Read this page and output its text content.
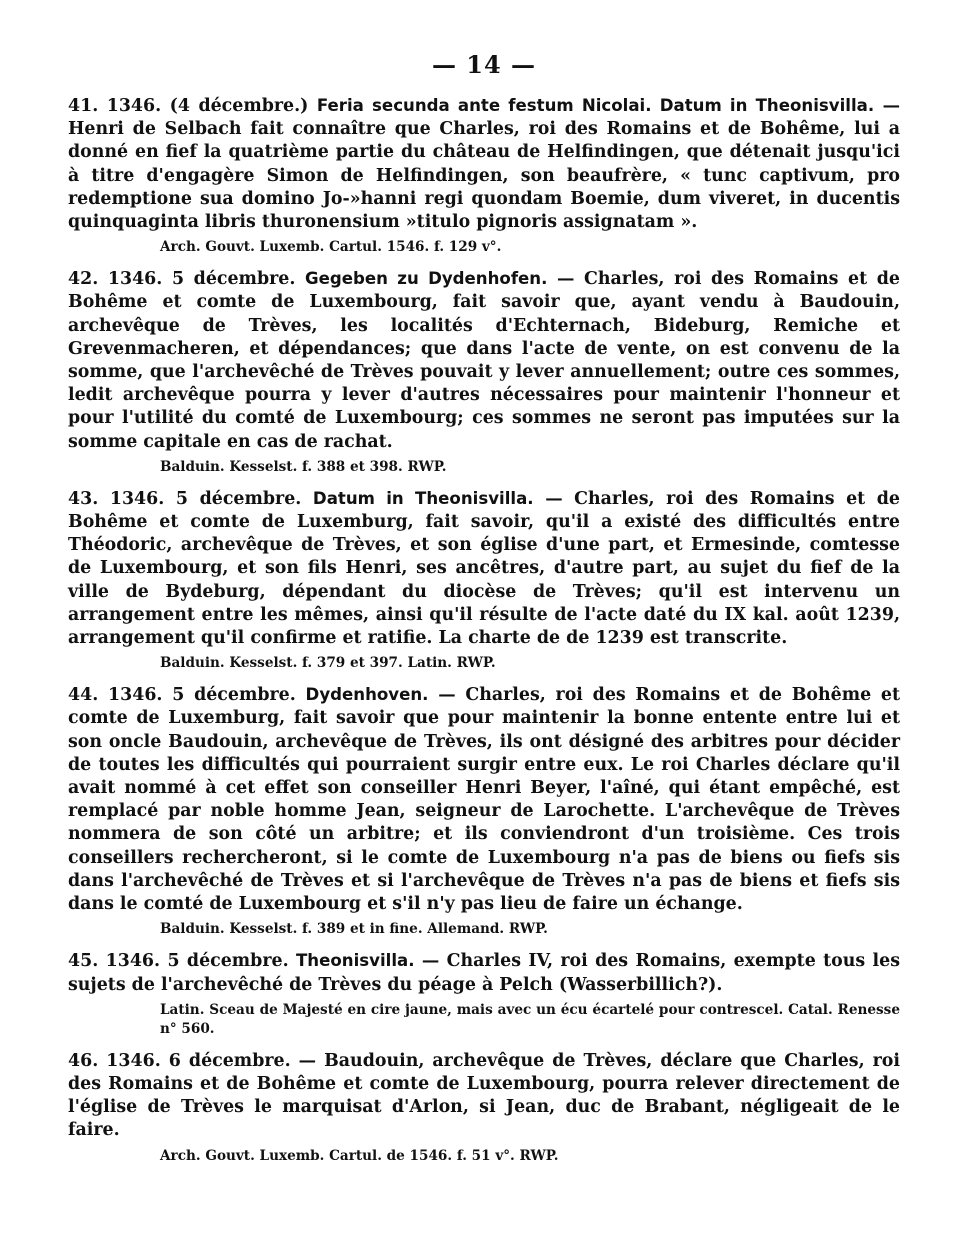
— 14 —

41. 1346. (4 décembre.) Feria secunda ante festum Nicolai. Datum in Theonisvilla. — Henri de Selbach fait connaître que Charles, roi des Romains et de Bohême, lui a donné en fief la quatrième partie du château de Helfindingen, que détenait jusqu'ici à titre d'engagère Simon de Helfindingen, son beaufrère, « tunc captivum, pro redemptione sua domino Jo-»hanni regi quondam Boemie, dum viveret, in ducentis quinquaginta libris thuronensium »titulo pignoris assignatam ».

Arch. Gouvt. Luxemb. Cartul. 1546. f. 129 v°.

42. 1346. 5 décembre. Gegeben zu Dydenhofen. — Charles, roi des Romains et de Bohême et comte de Luxembourg, fait savoir que, ayant vendu à Baudouin, archevêque de Trèves, les localités d'Echternach, Bideburg, Remiche et Grevenmacheren, et dépendances; que dans l'acte de vente, on est convenu de la somme, que l'archevêché de Trèves pouvait y lever annuellement; outre ces sommes, ledit archevêque pourra y lever d'autres nécessaires pour maintenir l'honneur et pour l'utilité du comté de Luxembourg; ces sommes ne seront pas imputées sur la somme capitale en cas de rachat.

Balduin. Kesselst. f. 388 et 398. RWP.

43. 1346. 5 décembre. Datum in Theonisvilla. — Charles, roi des Romains et de Bohême et comte de Luxemburg, fait savoir, qu'il a existé des difficultés entre Théodoric, archevêque de Trèves, et son église d'une part, et Ermesinde, comtesse de Luxembourg, et son fils Henri, ses ancêtres, d'autre part, au sujet du fief de la ville de Bydeburg, dépendant du diocèse de Trèves; qu'il est intervenu un arrangement entre les mêmes, ainsi qu'il résulte de l'acte daté du IX kal. août 1239, arrangement qu'il confirme et ratifie. La charte de de 1239 est transcrite.

Balduin. Kesselst. f. 379 et 397. Latin. RWP.

44. 1346. 5 décembre. Dydenhoven. — Charles, roi des Romains et de Bohême et comte de Luxemburg, fait savoir que pour maintenir la bonne entente entre lui et son oncle Baudouin, archevêque de Trèves, ils ont désigné des arbitres pour décider de toutes les difficultés qui pourraient surgir entre eux. Le roi Charles déclare qu'il avait nommé à cet effet son conseiller Henri Beyer, l'aîné, qui étant empêché, est remplacé par noble homme Jean, seigneur de Larochette. L'archevêque de Trèves nommera de son côté un arbitre; et ils conviendront d'un troisième. Ces trois conseillers rechercheront, si le comte de Luxembourg n'a pas de biens ou fiefs sis dans l'archevêché de Trèves et si l'archevêque de Trèves n'a pas de biens et fiefs sis dans le comté de Luxembourg et s'il n'y pas lieu de faire un échange.

Balduin. Kesselst. f. 389 et in fine. Allemand. RWP.

45. 1346. 5 décembre. Theonisvilla. — Charles IV, roi des Romains, exempte tous les sujets de l'archevêché de Trèves du péage à Pelch (Wasserbillich?).

Latin. Sceau de Majesté en cire jaune, mais avec un écu écartelé pour contrescel. Catal. Renesse n° 560.

46. 1346. 6 décembre. — Baudouin, archevêque de Trèves, déclare que Charles, roi des Romains et de Bohême et comte de Luxembourg, pourra relever directement de l'église de Trèves le marquisat d'Arlon, si Jean, duc de Brabant, négligeait de le faire.

Arch. Gouvt. Luxemb. Cartul. de 1546. f. 51 v°. RWP.
